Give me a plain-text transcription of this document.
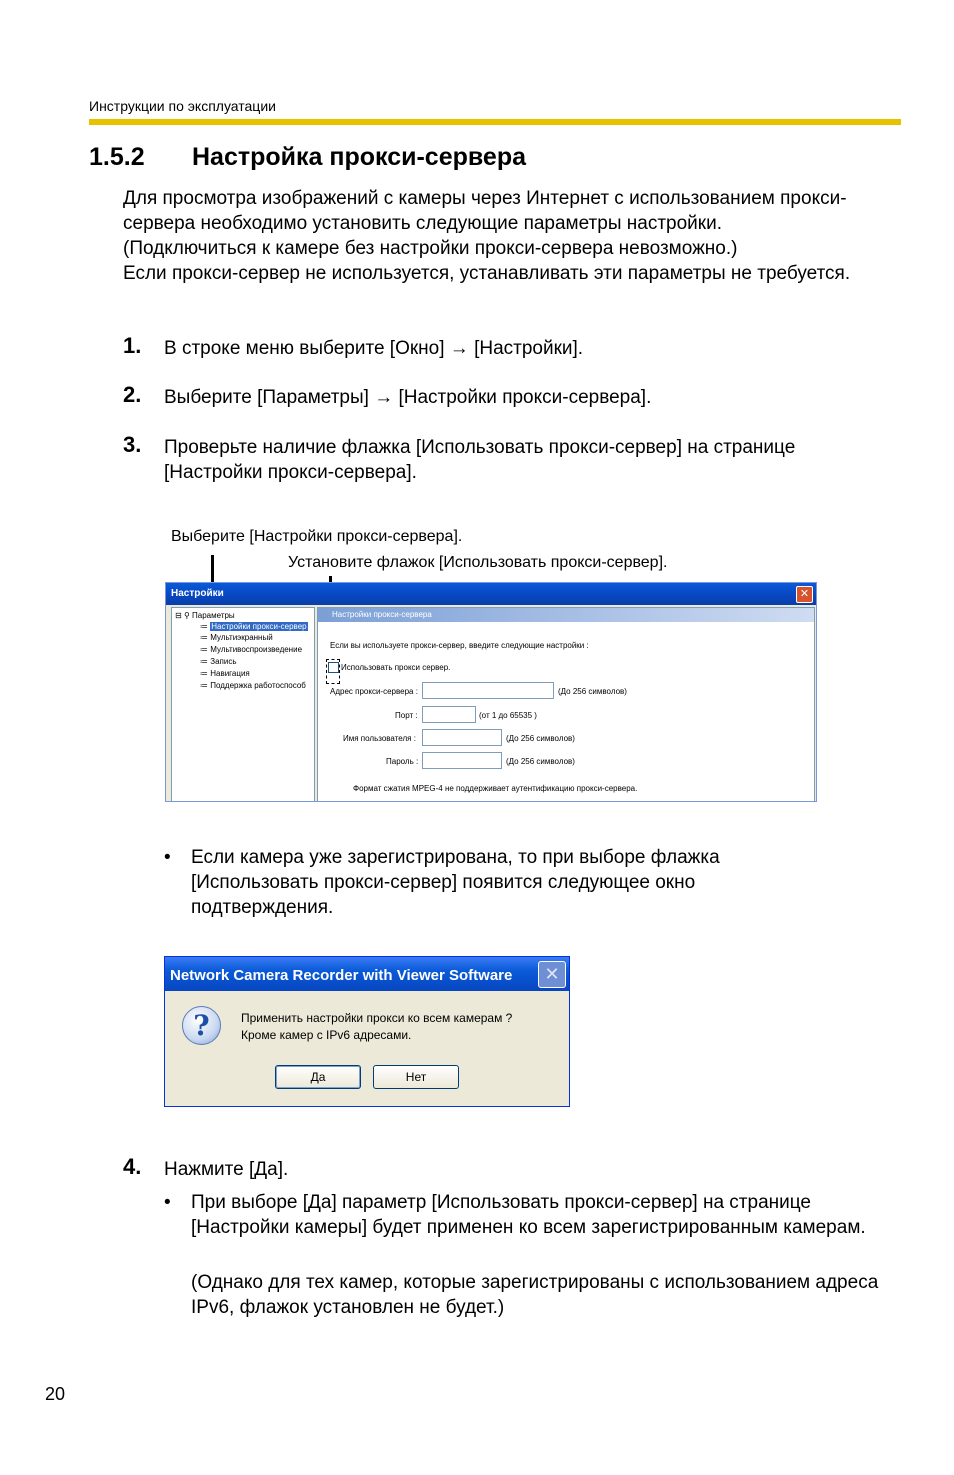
Инструкции по эксплуатации
1.5.2 Настройка прокси-сервера

Для просмотра изображений с камеры через Интернет с использованием прокси-сервера необходимо установить следующие параметры настройки.

(Подключиться к камере без настройки прокси-сервера невозможно.)

Если прокси-сервер не используется, устанавливать эти параметры не требуется.

1. В строке меню выберите [Окно] → [Настройки].
2. Выберите [Параметры] → [Настройки прокси-сервера].
3. Проверьте наличие флажка [Использовать прокси-сервер] на странице [Настройки прокси-сервера].
Выберите [Настройки прокси-сервера].
Установите флажок [Использовать прокси-сервер].
Настройки	✕
⊟ ⚲ Параметры
≔ Настройки прокси-сервер
≔ Мультиэкранный
≔ Мультивоспроизведение
≔ Запись
≔ Навигация
≔ Поддержка работоспособ
Настройки прокси-сервера
Если вы используете прокси-сервер, введите следующие настройки :
Использовать прокси сервер.
Адрес прокси-сервера :	(До 256 символов)
Порт :	(от 1 до 65535 )
Имя пользователя :	(До 256 символов)
Пароль :	(До 256 символов)
Формат сжатия MPEG-4 не поддерживает аутентификацию прокси-сервера.
• Если камера уже зарегистрирована, то при выборе флажка [Использовать прокси-сервер] появится следующее окно подтверждения.
Network Camera Recorder with Viewer Software	✕
?	Применить настройки прокси ко всем камерам ?
Кроме камер с IPv6 адресами.
Да	Нет
4. Нажмите [Да].
• При выборе [Да] параметр [Использовать прокси-сервер] на странице [Настройки камеры] будет применен ко всем зарегистрированным камерам.
(Однако для тех камер, которые зарегистрированы с использованием адреса IPv6, флажок установлен не будет.)
20
